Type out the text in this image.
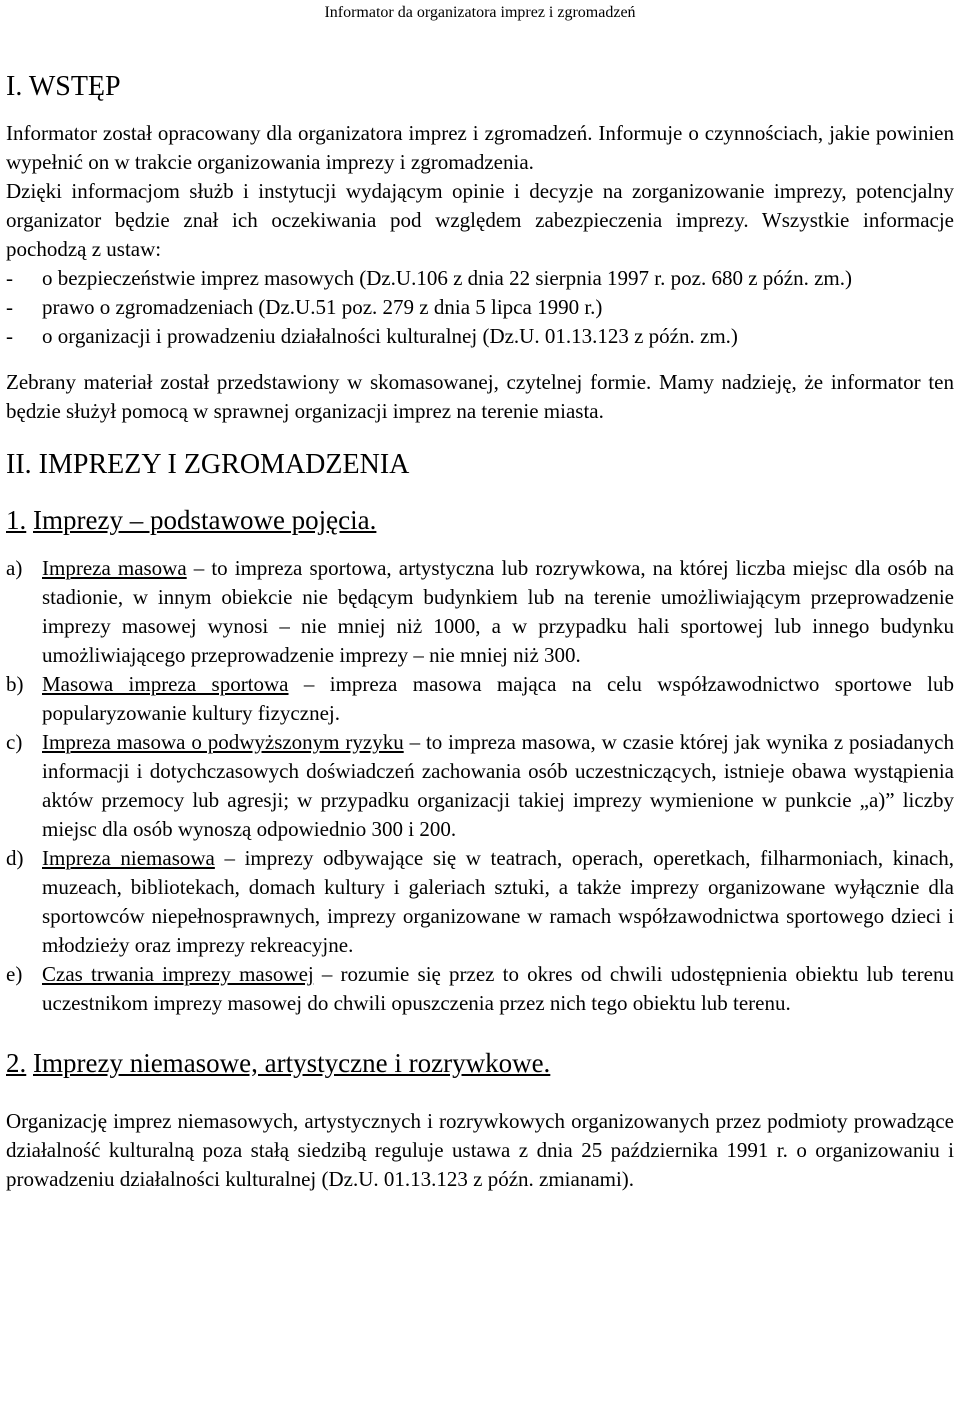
Informator da organizatora imprez i zgromadzeń
I. WSTĘP

Informator został opracowany dla organizatora imprez i zgromadzeń. Informuje o czynnościach, jakie powinien wypełnić on w trakcie organizowania imprezy i zgromadzenia.

Dzięki informacjom służb i instytucji wydającym opinie i decyzje na zorganizowanie imprezy, potencjalny organizator będzie znał ich oczekiwania pod względem zabezpieczenia imprezy. Wszystkie informacje pochodzą z ustaw:

- o bezpieczeństwie imprez masowych (Dz.U.106 z dnia 22 sierpnia 1997 r. poz. 680 z późn. zm.)
- prawo o zgromadzeniach (Dz.U.51 poz. 279 z dnia 5 lipca 1990 r.)
- o organizacji i prowadzeniu działalności kulturalnej (Dz.U. 01.13.123 z późn. zm.)

Zebrany materiał został przedstawiony w skomasowanej, czytelnej formie. Mamy nadzieję, że informator ten będzie służył pomocą w sprawnej organizacji imprez na terenie miasta.

II. IMPREZY I ZGROMADZENIA
1. Imprezy – podstawowe pojęcia.
a) Impreza masowa – to impreza sportowa, artystyczna lub rozrywkowa, na której liczba miejsc dla osób na stadionie, w innym obiekcie nie będącym budynkiem lub na terenie umożliwiającym przeprowadzenie imprezy masowej wynosi – nie mniej niż 1000, a w przypadku hali sportowej lub innego budynku umożliwiającego przeprowadzenie imprezy – nie mniej niż 300.
b) Masowa impreza sportowa – impreza masowa mająca na celu współzawodnictwo sportowe lub popularyzowanie kultury fizycznej.
c) Impreza masowa o podwyższonym ryzyku – to impreza masowa, w czasie której jak wynika z posiadanych informacji i dotychczasowych doświadczeń zachowania osób uczestniczących, istnieje obawa wystąpienia aktów przemocy lub agresji; w przypadku organizacji takiej imprezy wymienione w punkcie „a)” liczby miejsc dla osób wynoszą odpowiednio 300 i 200.
d) Impreza niemasowa – imprezy odbywające się w teatrach, operach, operetkach, filharmoniach, kinach, muzeach, bibliotekach, domach kultury i galeriach sztuki, a także imprezy organizowane wyłącznie dla sportowców niepełnosprawnych, imprezy organizowane w ramach współzawodnictwa sportowego dzieci i młodzieży oraz imprezy rekreacyjne.
e) Czas trwania imprezy masowej – rozumie się przez to okres od chwili udostępnienia obiektu lub terenu uczestnikom imprezy masowej do chwili opuszczenia przez nich tego obiektu lub terenu.
2. Imprezy niemasowe, artystyczne i rozrywkowe.

Organizację imprez niemasowych, artystycznych i rozrywkowych organizowanych przez podmioty prowadzące działalność kulturalną poza stałą siedzibą reguluje ustawa z dnia 25 października 1991 r. o organizowaniu i prowadzeniu działalności kulturalnej (Dz.U. 01.13.123 z późn. zmianami).
